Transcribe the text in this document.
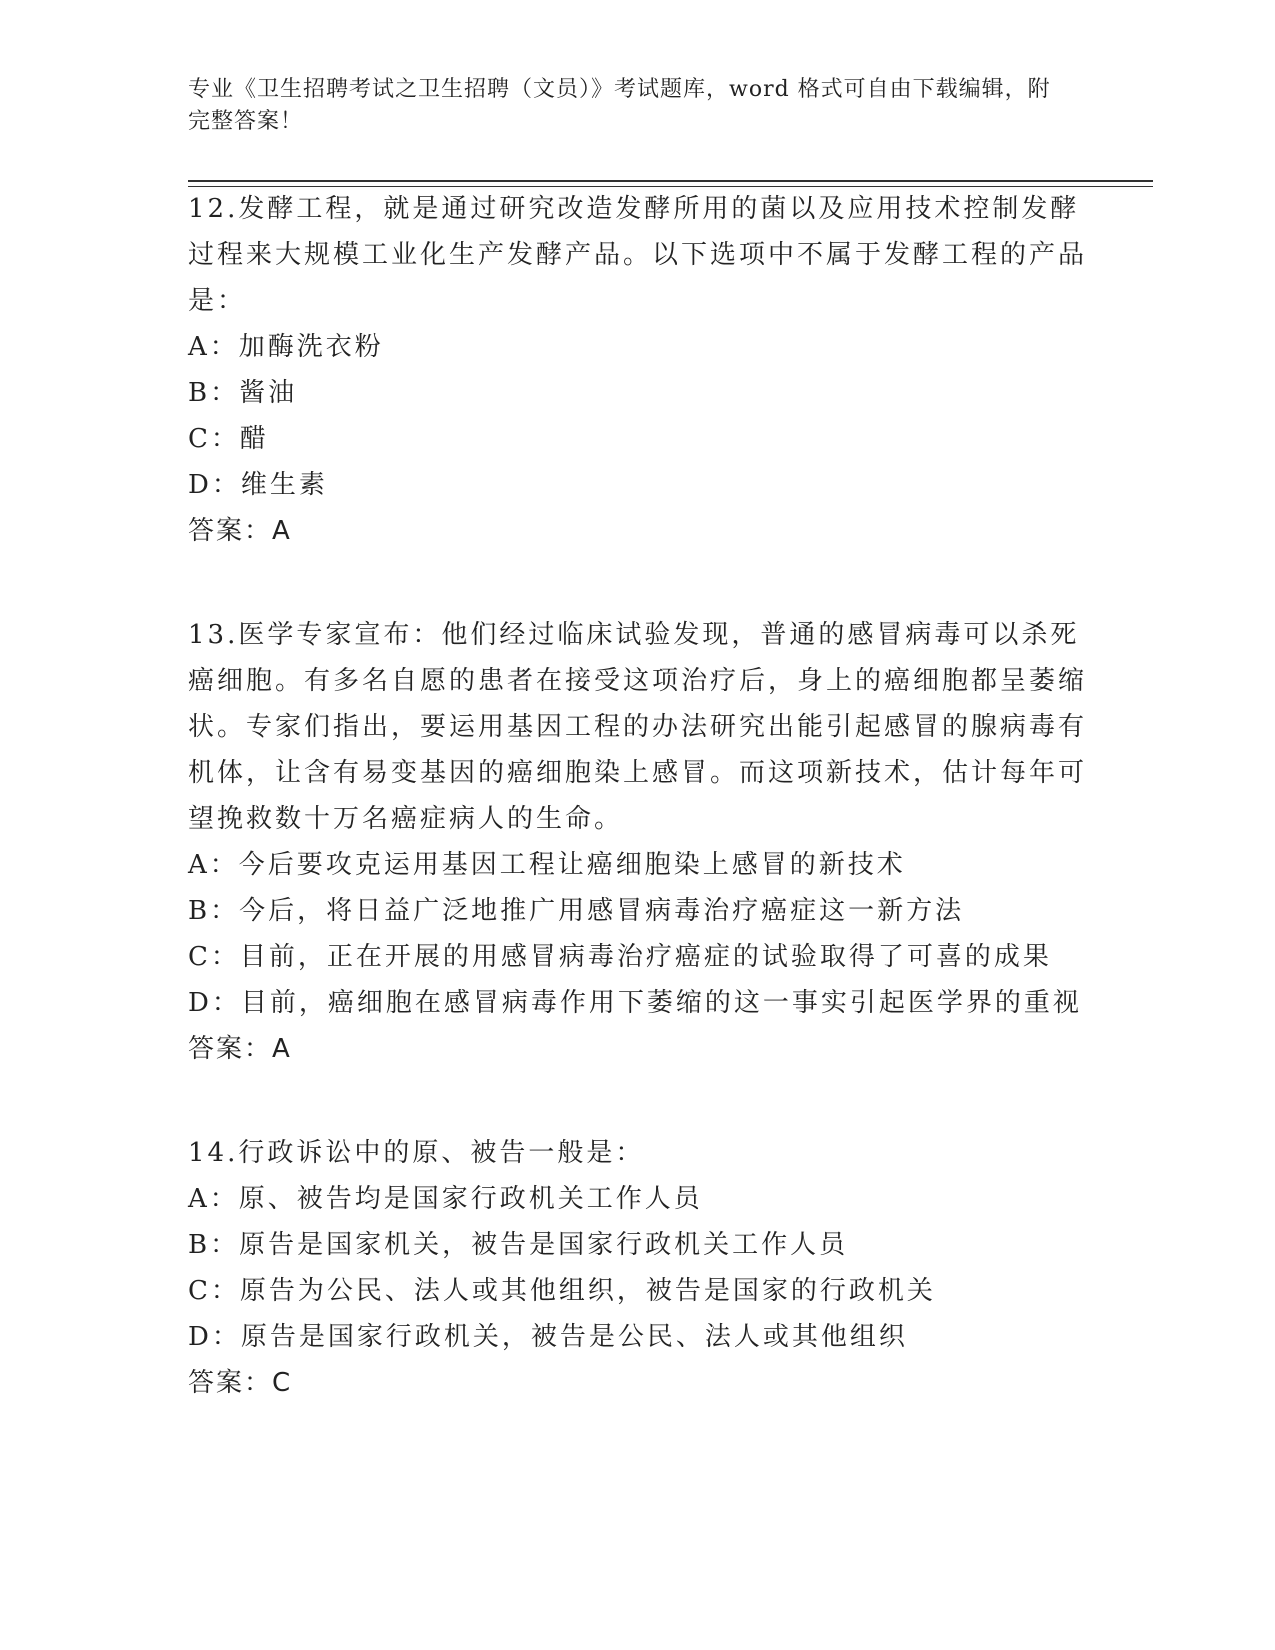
专业《卫生招聘考试之卫生招聘（文员）》考试题库，word 格式可自由下载编辑，附完整答案！

12.发酵工程，就是通过研究改造发酵所用的菌以及应用技术控制发酵过程来大规模工业化生产发酵产品。以下选项中不属于发酵工程的产品是：

A：加酶洗衣粉

B：酱油

C：醋

D：维生素

答案：A

13.医学专家宣布：他们经过临床试验发现，普通的感冒病毒可以杀死癌细胞。有多名自愿的患者在接受这项治疗后，身上的癌细胞都呈萎缩状。专家们指出，要运用基因工程的办法研究出能引起感冒的腺病毒有机体，让含有易变基因的癌细胞染上感冒。而这项新技术，估计每年可望挽救数十万名癌症病人的生命。

A：今后要攻克运用基因工程让癌细胞染上感冒的新技术

B：今后，将日益广泛地推广用感冒病毒治疗癌症这一新方法

C：目前，正在开展的用感冒病毒治疗癌症的试验取得了可喜的成果

D：目前，癌细胞在感冒病毒作用下萎缩的这一事实引起医学界的重视

答案：A

14.行政诉讼中的原、被告一般是：

A：原、被告均是国家行政机关工作人员

B：原告是国家机关，被告是国家行政机关工作人员

C：原告为公民、法人或其他组织，被告是国家的行政机关

D：原告是国家行政机关，被告是公民、法人或其他组织

答案：C
